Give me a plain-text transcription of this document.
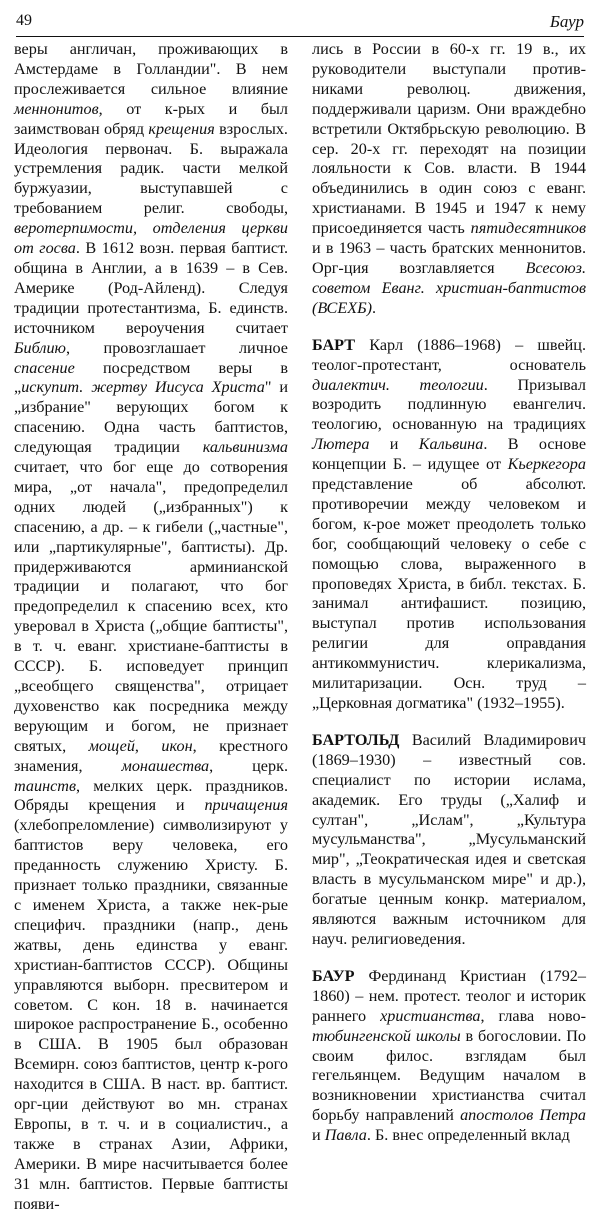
49	Баур

веры англичан, проживающих в Амстердаме в Голландии". В нем прослеживается сильное влияние меннонитов, от к-рых и был заимствован обряд крещения взрослых. Идеология первонач. Б. выражала устремления радик. части мелкой буржуазии, выступавшей с требованием религ. свободы, веротерпимости, отделения церкви от госва. В 1612 возн. первая баптист. община в Англии, а в 1639 – в Сев. Америке (Род-Айленд). Следуя традиции протестантизма, Б. единств. источником вероучения считает Библию, провозглашает личное спасение посредством веры в „искупит. жертву Иисуса Христа" и „избрание" верующих богом к спасению. Одна часть баптистов, следующая традиции кальвинизма считает, что бог еще до сотворения мира, „от начала", предопределил одних людей („избранных") к спасению, а др. – к гибели („частные", или „партикулярные", баптисты). Др. придерживаются арминианской традиции и полагают, что бог предопределил к спасению всех, кто уверовал в Христа („общие баптисты", в т. ч. еванг. христиане-баптисты в СССР). Б. исповедует принцип „всеобщего священства", отрицает духовенство как посредника между верующим и богом, не признает святых, мощей, икон, крестного знамения, монашества, церк. таинств, мелких церк. праздников. Обряды крещения и причащения (хлебопреломление) символизируют у баптистов веру человека, его преданность служению Христу. Б. признает только праздники, связанные с именем Христа, а также нек-рые специфич. праздники (напр., день жатвы, день единства у еванг. христиан-баптистов СССР). Общины управляются выборн. пресвитером и советом. С кон. 18 в. начинается широкое распространение Б., особенно в США. В 1905 был образован Всемирн. союз баптистов, центр к-рого находится в США. В наст. вр. баптист. орг-ции действуют во мн. странах Европы, в т. ч. и в социалистич., а также в странах Азии, Африки, Америки. В мире насчитывается более 31 млн. баптистов. Первые баптисты появи-

лись в России в 60-х гг. 19 в., их руководители выступали против-никами революц. движения, поддерживали царизм. Они враждебно встретили Октябрьскую революцию. В сер. 20-х гг. переходят на позиции лояльности к Сов. власти. В 1944 объединились в один союз с еванг. христианами. В 1945 и 1947 к нему присоединяется часть пятидесятников и в 1963 – часть братских меннонитов. Орг-ция возглавляется Всесоюз. советом Еванг. христиан-баптистов (ВСЕХБ).

БАРТ Карл (1886–1968) – швейц. теолог-протестант, основатель диалектич. теологии. Призывал возродить подлинную евангелич. теологию, основанную на традициях Лютера и Кальвина. В основе концепции Б. – идущее от Кьеркегора представление об абсолют. противоречии между человеком и богом, к-рое может преодолеть только бог, сообщающий человеку о себе с помощью слова, выраженного в проповедях Христа, в библ. текстах. Б. занимал антифашист. позицию, выступал против использования религии для оправдания антикоммунистич. клерикализма, милитаризации. Осн. труд – „Церковная догматика" (1932–1955).

БАРТОЛЬД Василий Владимирович (1869–1930) – известный сов. специалист по истории ислама, академик. Его труды („Халиф и султан", „Ислам", „Культура мусульманства", „Мусульманский мир", „Теократическая идея и светская власть в мусульманском мире" и др.), богатые ценным конкр. материалом, являются важным источником для науч. религиоведения.

БАУР Фердинанд Кристиан (1792–1860) – нем. протест. теолог и историк раннего христианства, глава ново-тюбингенской школы в богословии. По своим филос. взглядам был гегельянцем. Ведущим началом в возникновении христианства считал борьбу направлений апостолов Петра и Павла. Б. внес определенный вклад
